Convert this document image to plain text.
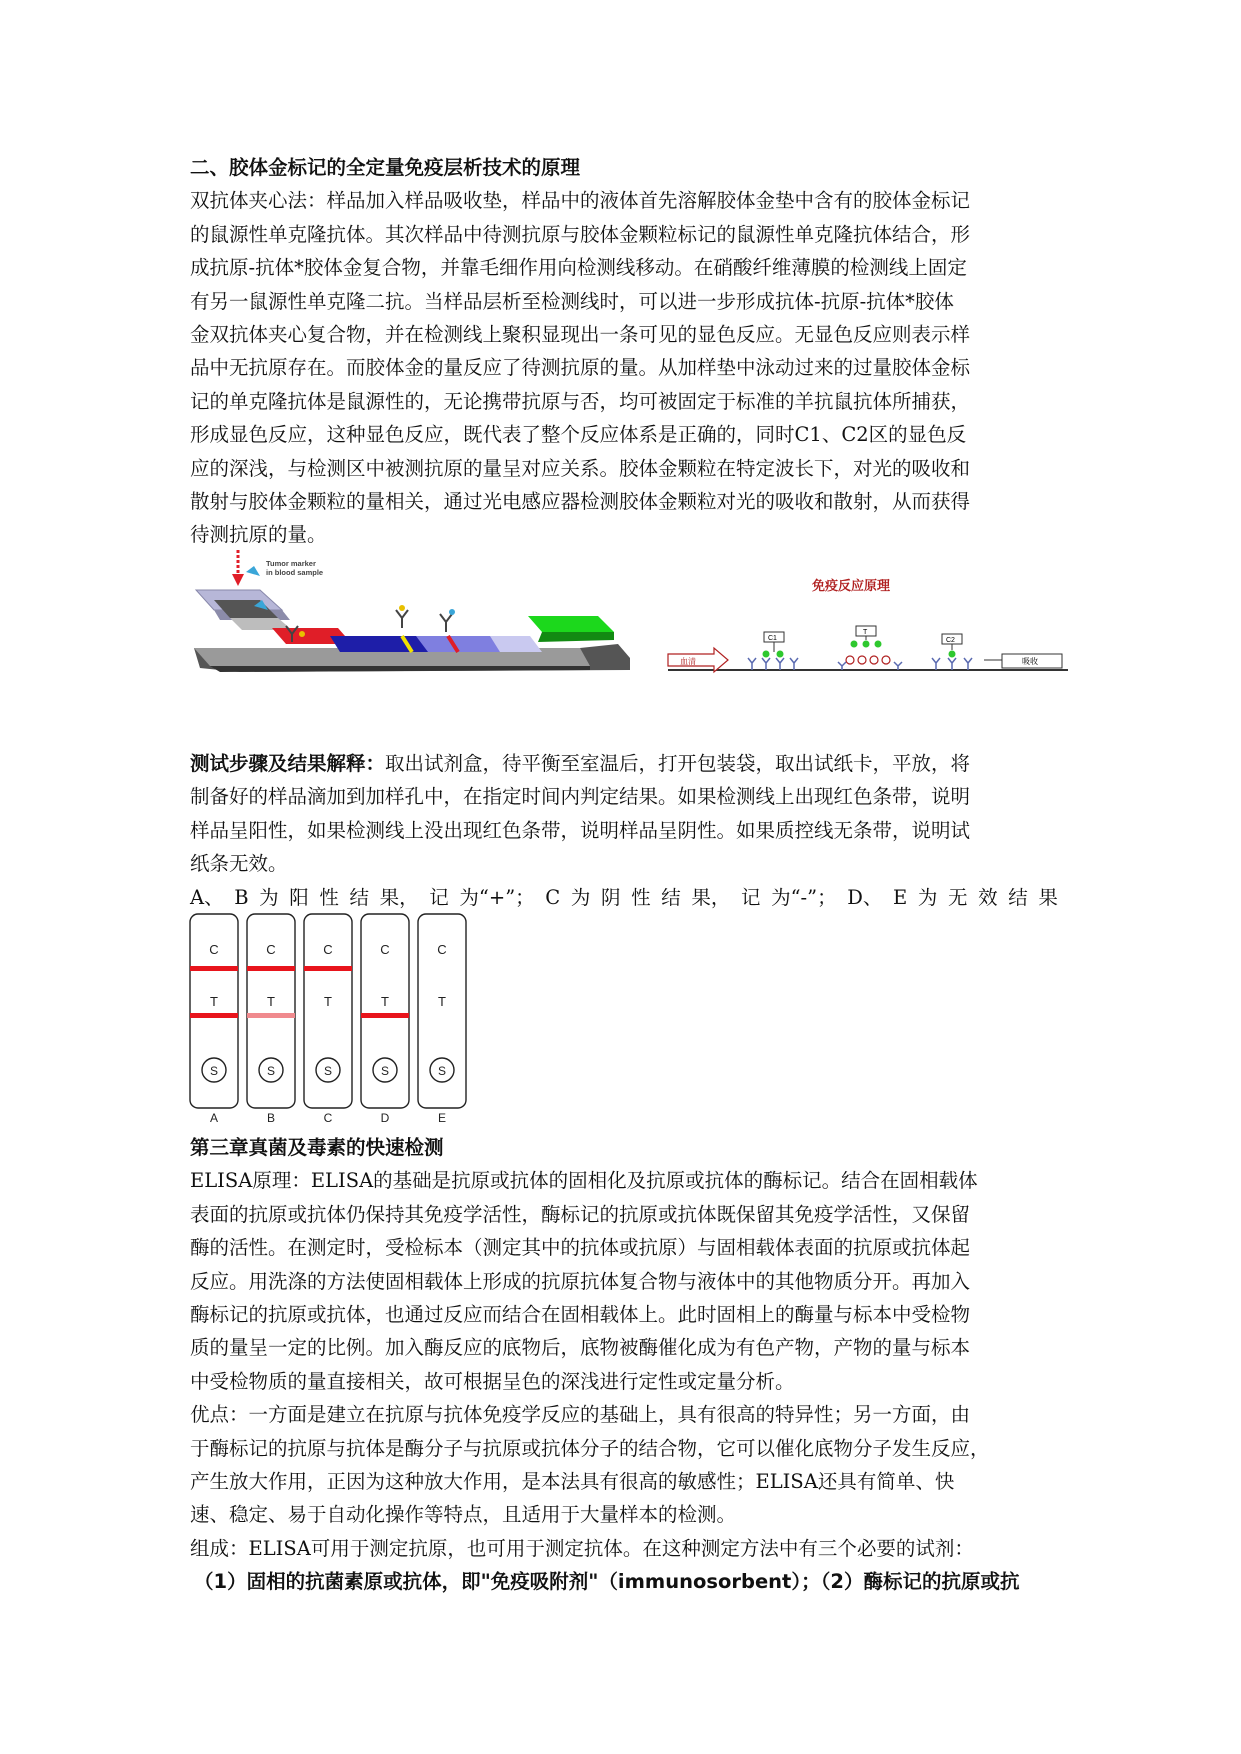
二、胶体金标记的全定量免疫层析技术的原理

双抗体夹心法：样品加入样品吸收垫，样品中的液体首先溶解胶体金垫中含有的胶体金标记

的鼠源性单克隆抗体。其次样品中待测抗原与胶体金颗粒标记的鼠源性单克隆抗体结合，形

成抗原-抗体*胶体金复合物，并靠毛细作用向检测线移动。在硝酸纤维薄膜的检测线上固定

有另一鼠源性单克隆二抗。当样品层析至检测线时，可以进一步形成抗体-抗原-抗体*胶体

金双抗体夹心复合物，并在检测线上聚积显现出一条可见的显色反应。无显色反应则表示样

品中无抗原存在。而胶体金的量反应了待测抗原的量。从加样垫中泳动过来的过量胶体金标

记的单克隆抗体是鼠源性的，无论携带抗原与否，均可被固定于标准的羊抗鼠抗体所捕获，

形成显色反应，这种显色反应，既代表了整个反应体系是正确的，同时C1、C2区的显色反

应的深浅，与检测区中被测抗原的量呈对应关系。胶体金颗粒在特定波长下，对光的吸收和

散射与胶体金颗粒的量相关，通过光电感应器检测胶体金颗粒对光的吸收和散射，从而获得

待测抗原的量。

Tumor marker
in blood sample
免疫反应原理
血清
C1
T
C2
吸收

测试步骤及结果解释：取出试剂盒，待平衡至室温后，打开包装袋，取出试纸卡，平放，将

制备好的样品滴加到加样孔中，在指定时间内判定结果。如果检测线上出现红色条带，说明

样品呈阳性，如果检测线上没出现红色条带，说明样品呈阴性。如果质控线无条带，说明试

纸条无效。

A、 B 为 阳 性 结 果， 记 为“+”； C 为 阴 性 结 果， 记 为“-”； D、 E 为 无 效 结 果
C
T
S
A
C
T
S
B
C
T
S
C
C
T
S
D
C
T
S
E

第三章真菌及毒素的快速检测

ELISA原理：ELISA的基础是抗原或抗体的固相化及抗原或抗体的酶标记。结合在固相载体

表面的抗原或抗体仍保持其免疫学活性，酶标记的抗原或抗体既保留其免疫学活性，又保留

酶的活性。在测定时，受检标本（测定其中的抗体或抗原）与固相载体表面的抗原或抗体起

反应。用洗涤的方法使固相载体上形成的抗原抗体复合物与液体中的其他物质分开。再加入

酶标记的抗原或抗体，也通过反应而结合在固相载体上。此时固相上的酶量与标本中受检物

质的量呈一定的比例。加入酶反应的底物后，底物被酶催化成为有色产物，产物的量与标本

中受检物质的量直接相关，故可根据呈色的深浅进行定性或定量分析。

优点：一方面是建立在抗原与抗体免疫学反应的基础上，具有很高的特异性；另一方面，由

于酶标记的抗原与抗体是酶分子与抗原或抗体分子的结合物，它可以催化底物分子发生反应，

产生放大作用，正因为这种放大作用，是本法具有很高的敏感性；ELISA还具有简单、快

速、稳定、易于自动化操作等特点，且适用于大量样本的检测。

组成：ELISA可用于测定抗原，也可用于测定抗体。在这种测定方法中有三个必要的试剂：

（1）固相的抗菌素原或抗体，即"免疫吸附剂"（immunosorbent）；（2）酶标记的抗原或抗
